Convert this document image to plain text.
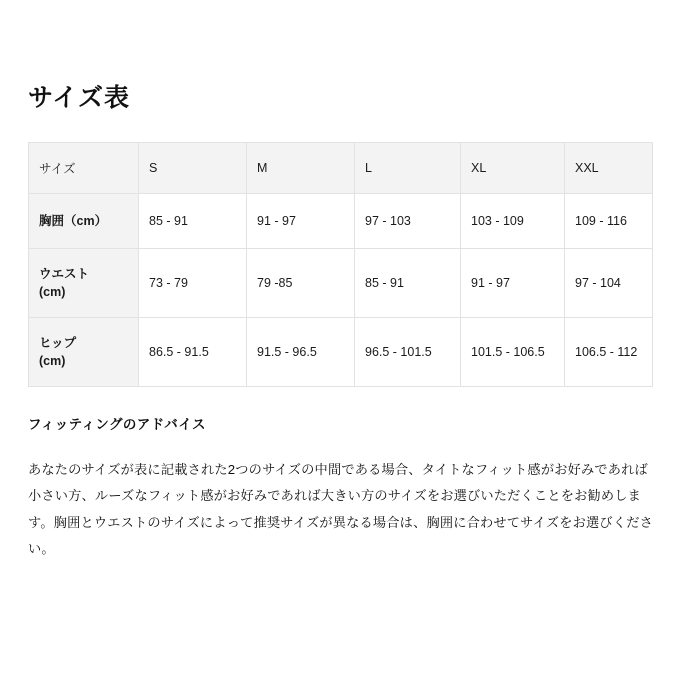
サイズ表
サイズ	S	M	L	XL	XXL
胸囲（cm）	85 - 91	91 - 97	97 - 103	103 - 109	109 - 116
ウエスト
(cm)	73 - 79	79 -85	85 - 91	91 - 97	97 - 104
ヒップ
(cm)	86.5 - 91.5	91.5 - 96.5	96.5 - 101.5	101.5 - 106.5	106.5 - 112
フィッティングのアドバイス

あなたのサイズが表に記載された2つのサイズの中間である場合、タイトなフィット感がお好みであれば小さい方、ルーズなフィット感がお好みであれば大きい方のサイズをお選びいただくことをお勧めします。胸囲とウエストのサイズによって推奨サイズが異なる場合は、胸囲に合わせてサイズをお選びください。
